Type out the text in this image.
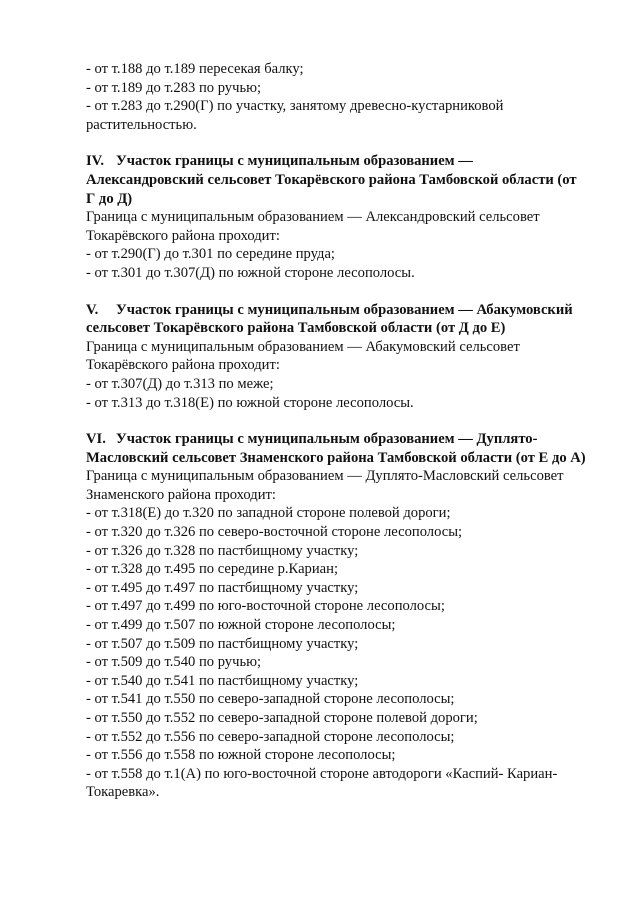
- от т.188 до т.189 пересекая балку;
- от т.189 до т.283 по ручью;
- от т.283 до т.290(Г) по участку, занятому древесно-кустарниковой
растительностью.
IV. Участок границы с муниципальным образованием —
Александровский сельсовет Токарёвского района Тамбовской области (от
Г до Д)
Граница с муниципальным образованием — Александровский сельсовет
Токарёвского района проходит:
- от т.290(Г) до т.301 по середине пруда;
- от т.301 до т.307(Д) по южной стороне лесополосы.
V. Участок границы с муниципальным образованием — Абакумовский
сельсовет Токарёвского района Тамбовской области (от Д до Е)
Граница с муниципальным образованием — Абакумовский сельсовет
Токарёвского района проходит:
- от т.307(Д) до т.313 по меже;
- от т.313 до т.318(Е) по южной стороне лесополосы.
VI. Участок границы с муниципальным образованием — Дуплято-
Масловский сельсовет Знаменского района Тамбовской области (от Е до А)
Граница с муниципальным образованием — Дуплято-Масловский сельсовет
Знаменского района проходит:
- от т.318(Е) до т.320 по западной стороне полевой дороги;
- от т.320 до т.326 по северо-восточной стороне лесополосы;
- от т.326 до т.328 по пастбищному участку;
- от т.328 до т.495 по середине р.Кариан;
- от т.495 до т.497 по пастбищному участку;
- от т.497 до т.499 по юго-восточной стороне лесополосы;
- от т.499 до т.507 по южной стороне лесополосы;
- от т.507 до т.509 по пастбищному участку;
- от т.509 до т.540 по ручью;
- от т.540 до т.541 по пастбищному участку;
- от т.541 до т.550 по северо-западной стороне лесополосы;
- от т.550 до т.552 по северо-западной стороне полевой дороги;
- от т.552 до т.556 по северо-западной стороне лесополосы;
- от т.556 до т.558 по южной стороне лесополосы;
- от т.558 до т.1(А) по юго-восточной стороне автодороги «Каспий- Кариан-
Токаревка».
